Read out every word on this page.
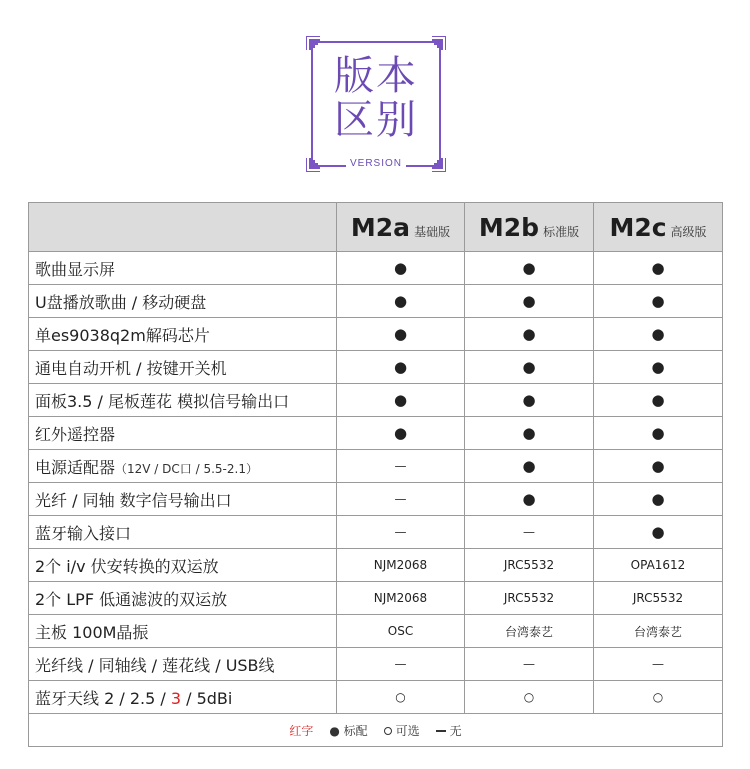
版本
区别
VERSION
	M2a 基础版	M2b 标准版	M2c 高级版
歌曲显示屏	●	●	●
U盘播放歌曲 / 移动硬盘	●	●	●
单es9038q2m解码芯片	●	●	●
通电自动开机 / 按键开关机	●	●	●
面板3.5 / 尾板莲花 模拟信号输出口	●	●	●
红外遥控器	●	●	●
电源适配器（12V / DC口 / 5.5-2.1）	—	●	●
光纤 / 同轴 数字信号输出口	—	●	●
蓝牙输入接口	—	—	●
2个 i/v 伏安转换的双运放	NJM2068	JRC5532	OPA1612
2个 LPF 低通滤波的双运放	NJM2068	JRC5532	JRC5532
主板 100M晶振	OSC	台湾泰艺	台湾泰艺
光纤线 / 同轴线 / 莲花线 / USB线	—	—	—
蓝牙天线 2 / 2.5 / 3 / 5dBi	○	○	○
红字 ● 标配 可选 无			
